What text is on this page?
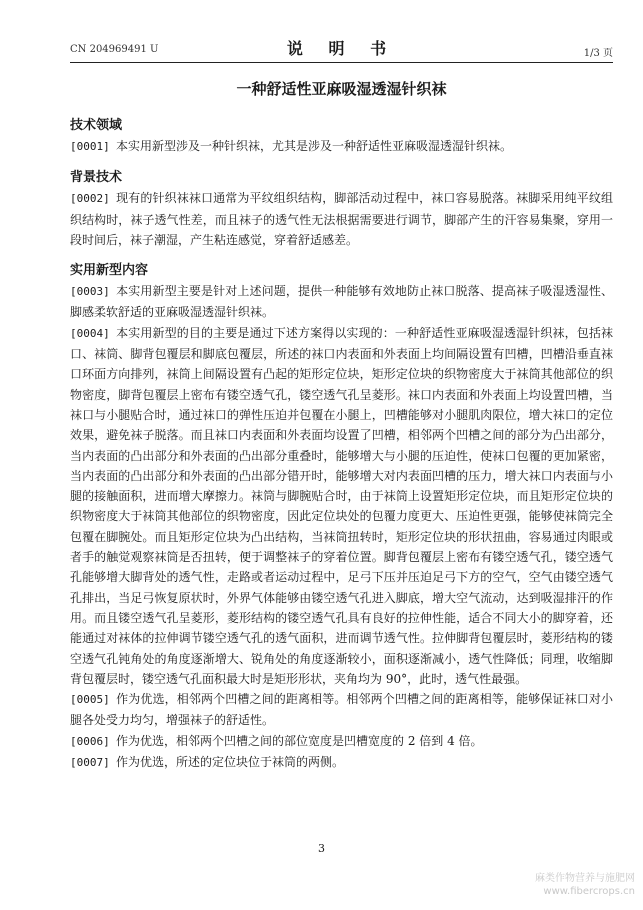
CN 204969491 U	说 明 书	1/3 页
一种舒适性亚麻吸湿透湿针织袜
技术领域

[0001] 本实用新型涉及一种针织袜，尤其是涉及一种舒适性亚麻吸湿透湿针织袜。

背景技术

[0002] 现有的针织袜袜口通常为平纹组织结构，脚部活动过程中，袜口容易脱落。袜脚采用纯平纹组织结构时，袜子透气性差，而且袜子的透气性无法根据需要进行调节，脚部产生的汗容易集聚，穿用一段时间后，袜子潮湿，产生粘连感觉，穿着舒适感差。

实用新型内容

[0003] 本实用新型主要是针对上述问题，提供一种能够有效地防止袜口脱落、提高袜子吸湿透湿性、脚感柔软舒适的亚麻吸湿透湿针织袜。

[0004] 本实用新型的目的主要是通过下述方案得以实现的：一种舒适性亚麻吸湿透湿针织袜，包括袜口、袜筒、脚背包覆层和脚底包覆层，所述的袜口内表面和外表面上均间隔设置有凹槽，凹槽沿垂直袜口环面方向排列，袜筒上间隔设置有凸起的矩形定位块，矩形定位块的织物密度大于袜筒其他部位的织物密度，脚背包覆层上密布有镂空透气孔，镂空透气孔呈菱形。袜口内表面和外表面上均设置凹槽，当袜口与小腿贴合时，通过袜口的弹性压迫并包覆在小腿上，凹槽能够对小腿肌肉限位，增大袜口的定位效果，避免袜子脱落。而且袜口内表面和外表面均设置了凹槽，相邻两个凹槽之间的部分为凸出部分，当内表面的凸出部分和外表面的凸出部分重叠时，能够增大与小腿的压迫性，使袜口包覆的更加紧密，当内表面的凸出部分和外表面的凸出部分错开时，能够增大对内表面凹槽的压力，增大袜口内表面与小腿的接触面积，进而增大摩擦力。袜筒与脚腕贴合时，由于袜筒上设置矩形定位块，而且矩形定位块的织物密度大于袜筒其他部位的织物密度，因此定位块处的包覆力度更大、压迫性更强，能够使袜筒完全包覆在脚腕处。而且矩形定位块为凸出结构，当袜筒扭转时，矩形定位块的形状扭曲，容易通过肉眼或者手的触觉观察袜筒是否扭转，便于调整袜子的穿着位置。脚背包覆层上密布有镂空透气孔，镂空透气孔能够增大脚背处的透气性，走路或者运动过程中，足弓下压并压迫足弓下方的空气，空气由镂空透气孔排出，当足弓恢复原状时，外界气体能够由镂空透气孔进入脚底，增大空气流动，达到吸湿排汗的作用。而且镂空透气孔呈菱形，菱形结构的镂空透气孔具有良好的拉伸性能，适合不同大小的脚穿着，还能通过对袜体的拉伸调节镂空透气孔的透气面积，进而调节透气性。拉伸脚背包覆层时，菱形结构的镂空透气孔钝角处的角度逐渐增大、锐角处的角度逐渐较小，面积逐渐减小，透气性降低；同理，收缩脚背包覆层时，镂空透气孔面积最大时是矩形形状，夹角均为 90°，此时，透气性最强。

[0005] 作为优选，相邻两个凹槽之间的距离相等。相邻两个凹槽之间的距离相等，能够保证袜口对小腿各处受力均匀，增强袜子的舒适性。

[0006] 作为优选，相邻两个凹槽之间的部位宽度是凹槽宽度的 2 倍到 4 倍。

[0007] 作为优选，所述的定位块位于袜筒的两侧。

3
麻类作物营养与施肥网
www.fibercrops.cn
